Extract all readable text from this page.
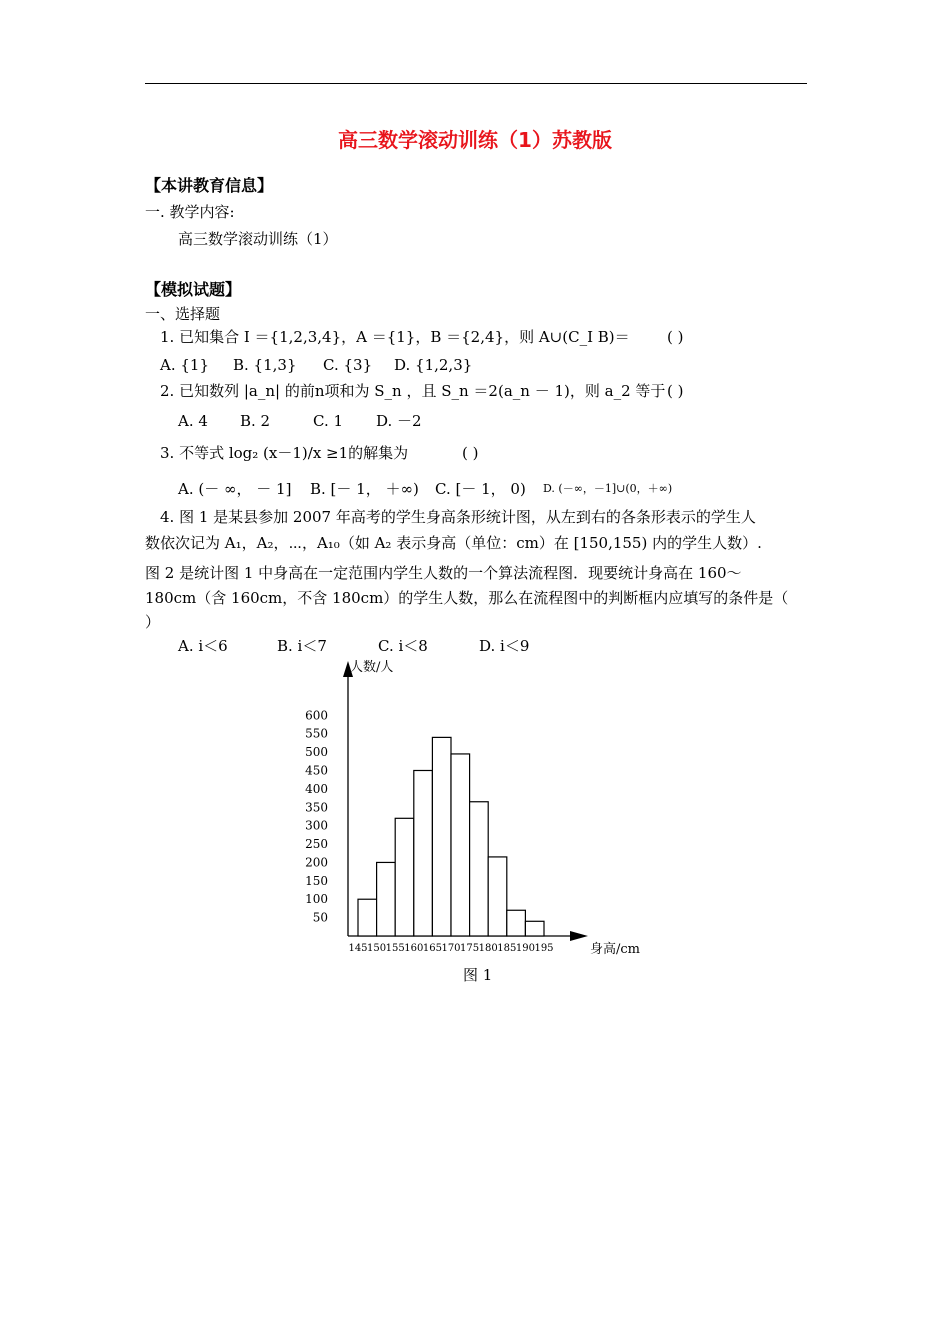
高三数学滚动训练（1）苏教版
【本讲教育信息】
一. 教学内容:
高三数学滚动训练（1）
【模拟试题】
一、选择题
1. 已知集合 I ＝{1,2,3,4}，A ＝{1}，B ＝{2,4}，则 A∪(C_I B)＝ ( )
A. {1} B. {1,3} C. {3} D. {1,2,3}
2. 已知数列 |a_n| 的前n项和为 S_n ，且 S_n ＝2(a_n － 1)，则 a_2 等于 ( )
A. 4 B. 2	C. 1 D. －2
3. 不等式 log₂ (x－1)/x ≥1的解集为	( )
A. (－ ∞， － 1] B. [－ 1， ＋∞) C. [－ 1， 0) D. (－∞，－1]∪(0，＋∞)
4. 图 1 是某县参加 2007 年高考的学生身高条形统计图，从左到右的各条形表示的学生人
数依次记为 A₁，A₂，⋯，A₁₀（如 A₂ 表示身高（单位：cm）在 [150,155) 内的学生人数）.
图 2 是统计图 1 中身高在一定范围内学生人数的一个算法流程图．现要统计身高在 160～
180cm（含 160cm，不含 180cm）的学生人数，那么在流程图中的判断框内应填写的条件是（
）
A. i＜6	B. i＜7	C. i＜8	D. i＜9
50
100
150
200
250
300
350
400
450
500
550
600
145 150 155 160 165 170 175 180 185 190 195
人数/人
身高/cm
图 1
